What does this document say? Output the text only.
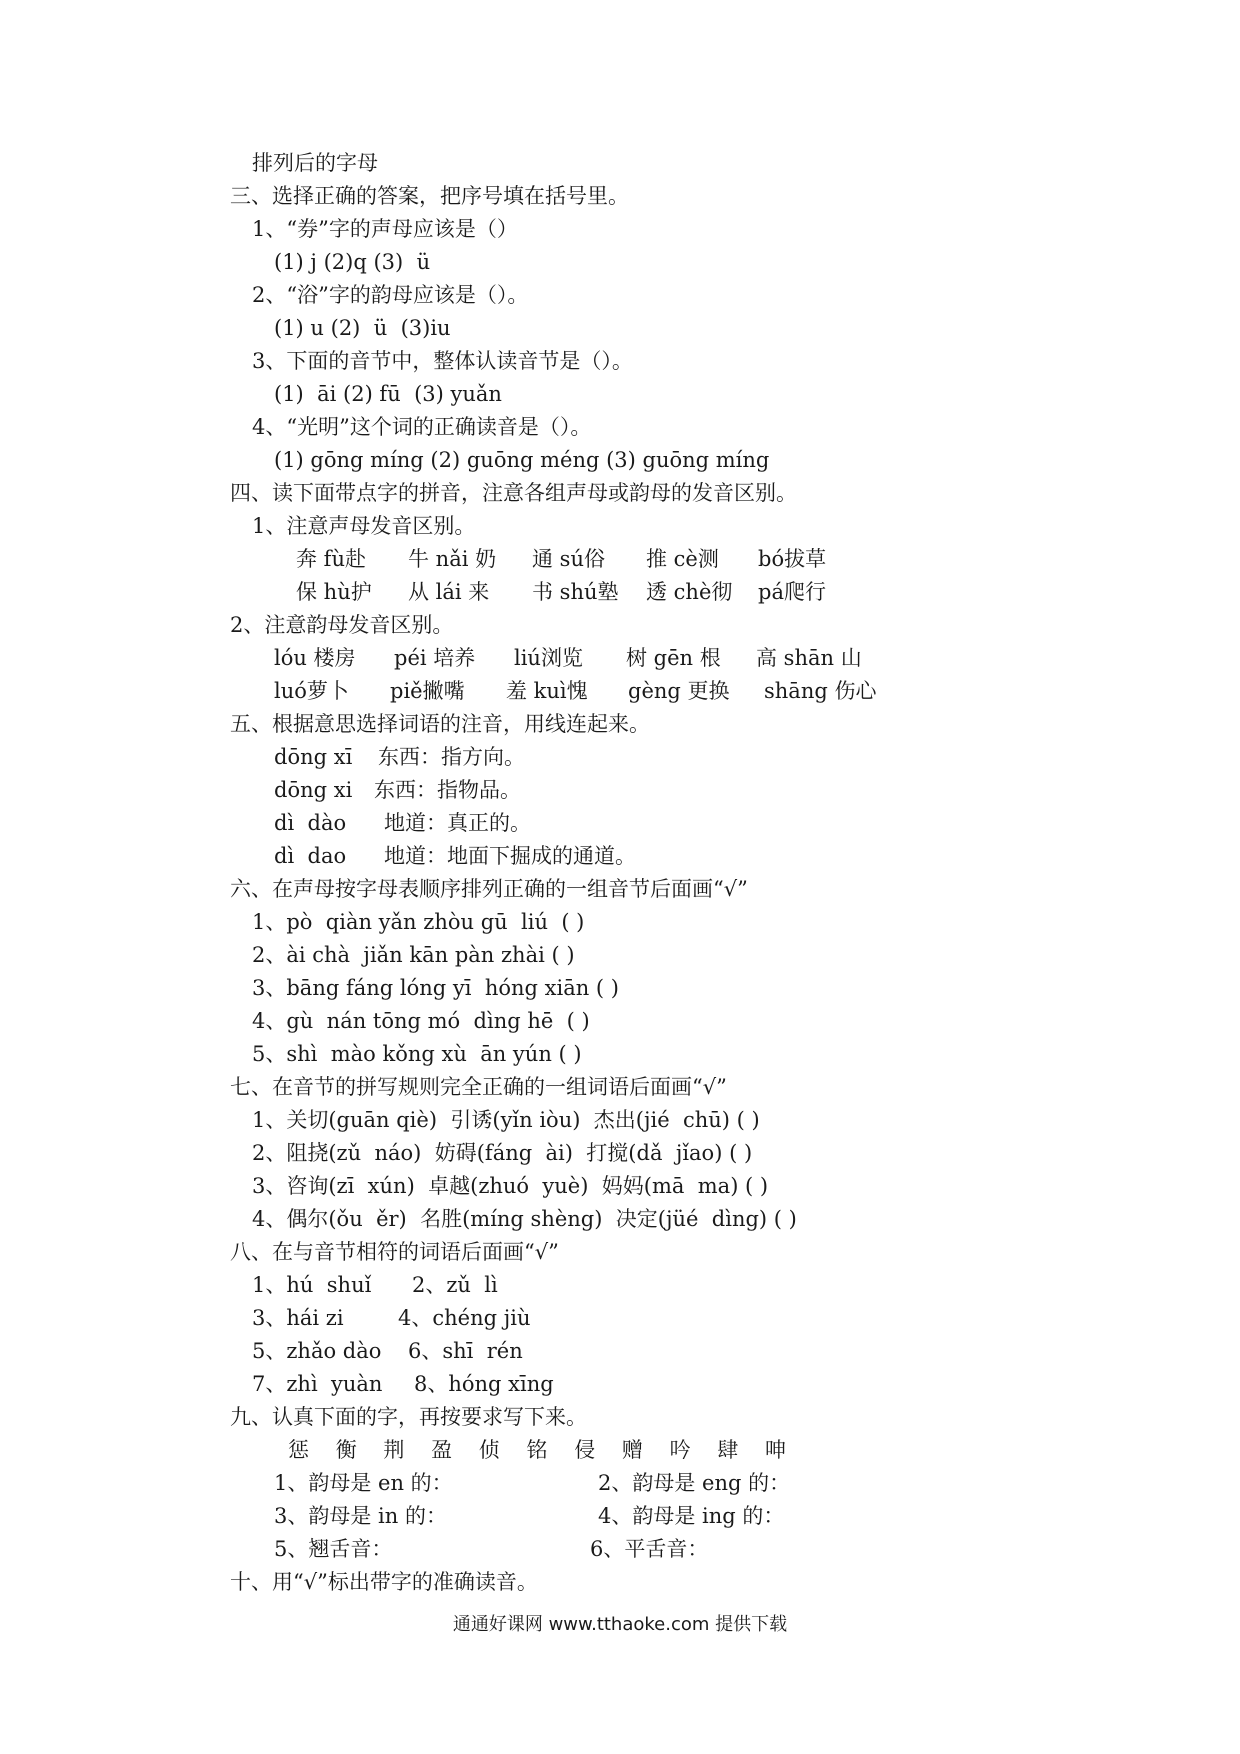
排列后的字母
三、选择正确的答案，把序号填在括号里。
1、“券”字的声母应该是（）
(1) j (2)q (3)  ü
2、“浴”字的韵母应该是（）。
(1) u (2)  ü  (3)iu
3、下面的音节中，整体认读音节是（）。
(1)  āi (2) fū  (3) yuǎn
4、“光明”这个词的正确读音是（）。
(1) gōng míng (2) guōng méng (3) guōng míng
四、读下面带点字的拼音，注意各组声母或韵母的发音区别。
1、注意声母发音区别。
奔 fù赴 牛 nǎi 奶 通 sú俗 推 cè测 bó拔草
保 hù护 从 lái 来 书 shú塾 透 chè彻 pá爬行
2、注意韵母发音区别。
lóu 楼房 péi 培养 liú浏览 树 gēn 根 高 shān 山
luó萝卜 piě撇嘴 羞 kuì愧 gèng 更换 shāng 伤心
五、根据意思选择词语的注音，用线连起来。
dōng xī 东西：指方向。
dōng xi 东西：指物品。
dì  dào 地道：真正的。
dì  dao 地道：地面下掘成的通道。
六、在声母按字母表顺序排列正确的一组音节后面画“√”
1、pò  qiàn yǎn zhòu gū  liú  ( )
2、ài chà  jiǎn kān pàn zhài ( )
3、bāng fáng lóng yī  hóng xiān ( )
4、gù  nán tōng mó  dìng hē  ( )
5、shì  mào kǒng xù  ān yún ( )
七、在音节的拼写规则完全正确的一组词语后面画“√”
1、关切(guān qiè)  引诱(yǐn iòu)  杰出(jié  chū) ( )
2、阻挠(zǔ  náo)  妨碍(fáng  ài)  打搅(dǎ  jǐao) ( )
3、咨询(zī  xún)  卓越(zhuó  yuè)  妈妈(mā  ma) ( )
4、偶尔(ǒu  ěr)  名胜(míng shèng)  决定(jüé  dìng) ( )
八、在与音节相符的词语后面画“√”
1、hú  shuǐ 2、zǔ  lì
3、hái zi	4、chéng jiù
5、zhǎo dào 6、shī  rén
7、zhì  yuàn 8、hóng xīng
九、认真下面的字，再按要求写下来。
惩    衡    荆    盈    侦    铭    侵    赠    吟    肆    呻
1、韵母是 en 的：	2、韵母是 eng 的：
3、韵母是 in 的：	4、韵母是 ing 的：
5、翘舌音：	6、平舌音：
十、用“√”标出带字的准确读音。
通通好课网 www.tthaoke.com 提供下载
